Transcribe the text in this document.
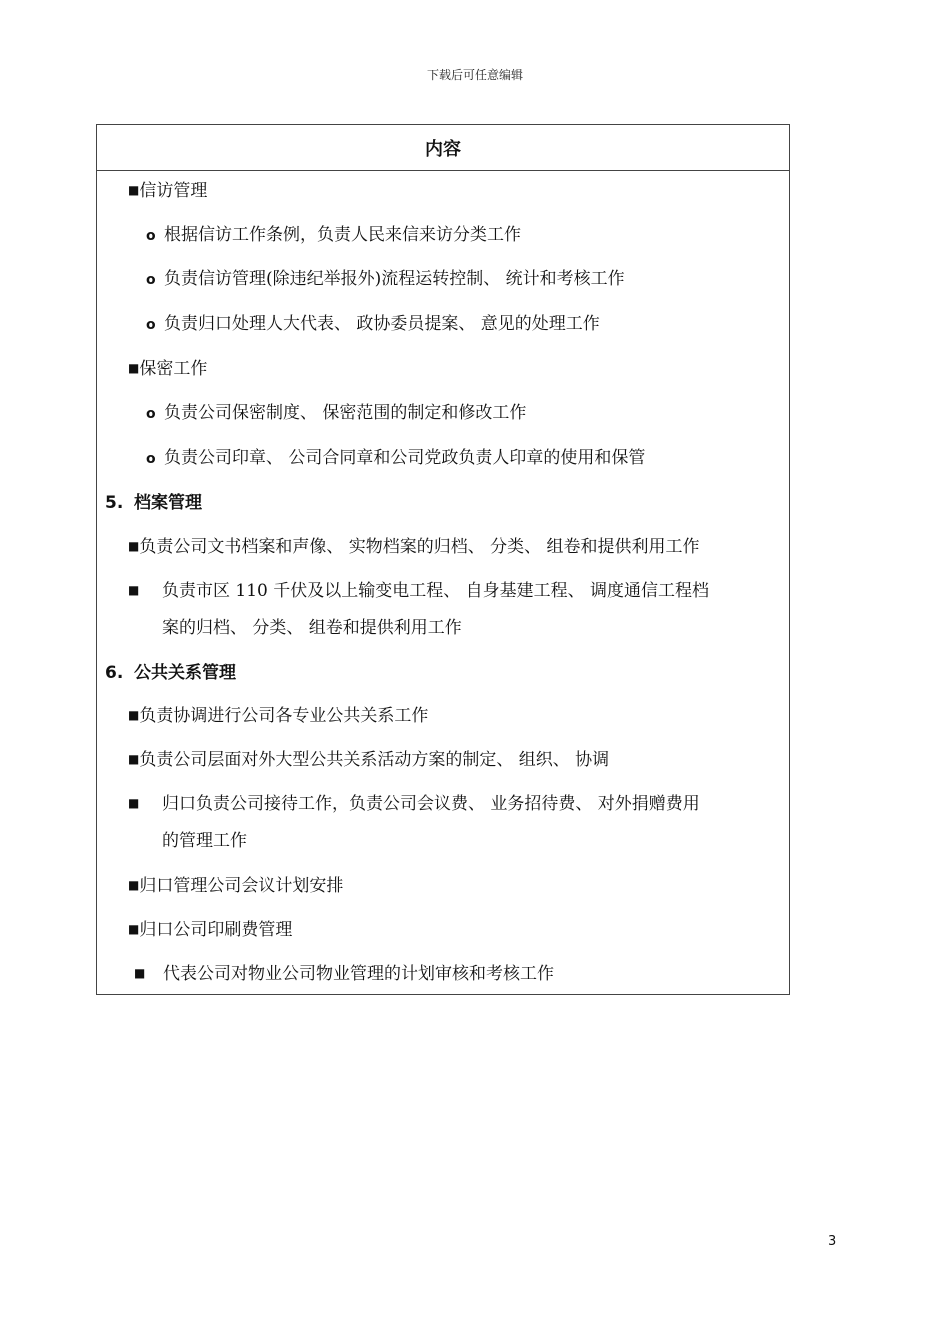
下载后可任意编辑
内容
■信访管理
o 根据信访工作条例，负责人民来信来访分类工作
o 负责信访管理(除违纪举报外)流程运转控制、 统计和考核工作
o 负责归口处理人大代表、 政协委员提案、 意见的处理工作
■保密工作
o 负责公司保密制度、 保密范围的制定和修改工作
o 负责公司印章、 公司合同章和公司党政负责人印章的使用和保管
5. 档案管理
■负责公司文书档案和声像、 实物档案的归档、 分类、 组卷和提供利用工作
■ 负责市区 110 千伏及以上输变电工程、 自身基建工程、 调度通信工程档
案的归档、 分类、 组卷和提供利用工作
6. 公共关系管理
■负责协调进行公司各专业公共关系工作
■负责公司层面对外大型公共关系活动方案的制定、 组织、 协调
■ 归口负责公司接待工作，负责公司会议费、 业务招待费、 对外捐赠费用
的管理工作
■归口管理公司会议计划安排
■归口公司印刷费管理
■ 代表公司对物业公司物业管理的计划审核和考核工作
3
